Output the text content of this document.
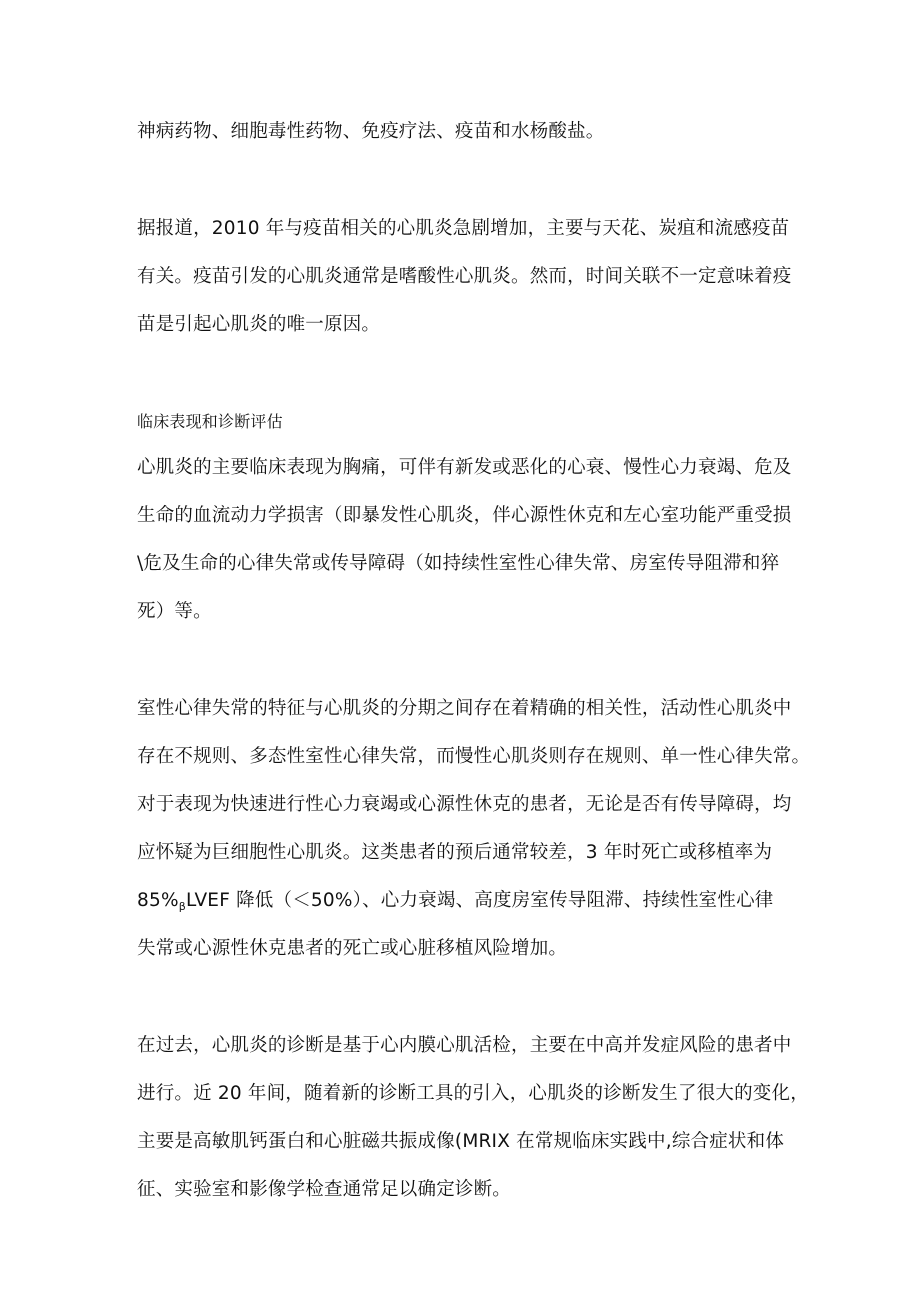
神病药物、细胞毒性药物、免疫疗法、疫苗和水杨酸盐。
据报道，2010 年与疫苗相关的心肌炎急剧增加，主要与天花、炭疽和流感疫苗
有关。疫苗引发的心肌炎通常是嗜酸性心肌炎。然而，时间关联不一定意味着疫
苗是引起心肌炎的唯一原因。
临床表现和诊断评估
心肌炎的主要临床表现为胸痛，可伴有新发或恶化的心衰、慢性心力衰竭、危及
生命的血流动力学损害（即暴发性心肌炎，伴心源性休克和左心室功能严重受损
\危及生命的心律失常或传导障碍（如持续性室性心律失常、房室传导阻滞和猝
死）等。
室性心律失常的特征与心肌炎的分期之间存在着精确的相关性，活动性心肌炎中
存在不规则、多态性室性心律失常，而慢性心肌炎则存在规则、单一性心律失常。
对于表现为快速进行性心力衰竭或心源性休克的患者，无论是否有传导障碍，均
应怀疑为巨细胞性心肌炎。这类患者的预后通常较差，3 年时死亡或移植率为
$85\%_\beta LVEF$ 降低（＜50%）、心力衰竭、高度房室传导阻滞、持续性室性心律
失常或心源性休克患者的死亡或心脏移植风险增加。
在过去，心肌炎的诊断是基于心内膜心肌活检，主要在中高并发症风险的患者中
进行。近 20 年间，随着新的诊断工具的引入，心肌炎的诊断发生了很大的变化，
主要是高敏肌钙蛋白和心脏磁共振成像(MRIX 在常规临床实践中,综合症状和体
征、实验室和影像学检查通常足以确定诊断。
